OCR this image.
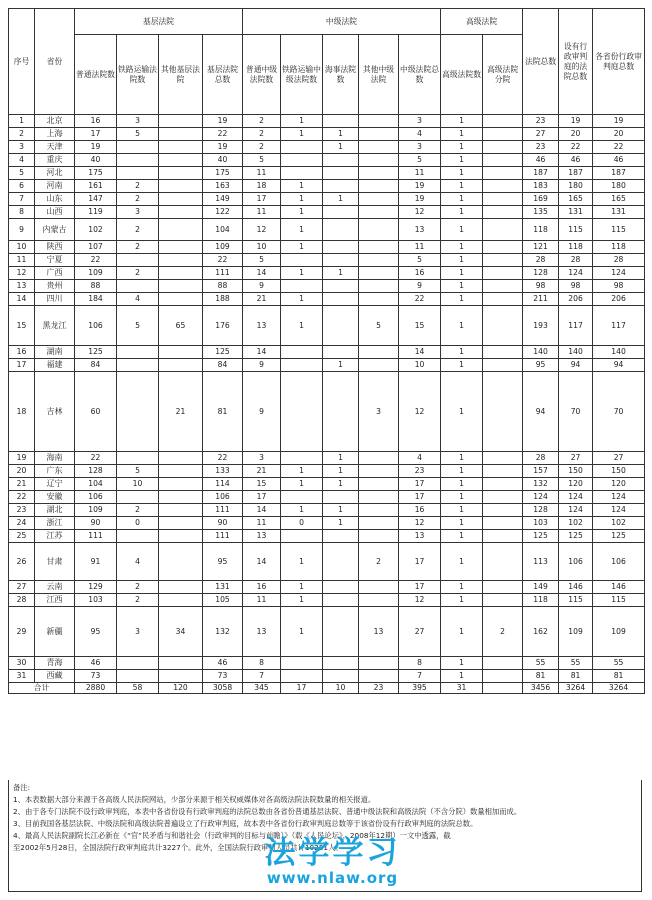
序号	省份	基层法院				中级法院					高级法院		法院总数	设有行政审判庭的法院总数	各省份行政审判庭总数
		普通法院数	铁路运输法院数	其他基层法院	基层法院总数	普通中级法院数	铁路运输中级法院数	海事法院数	其他中级法院	中级法院总数	高级法院数	高级法院分院			
1	北京	16	3		19	2	1			3	1		23	19	19
2	上海	17	5		22	2	1	1		4	1		27	20	20
3	天津	19			19	2		1		3	1		23	22	22
4	重庆	40			40	5				5	1		46	46	46
5	河北	175			175	11				11	1		187	187	187
6	河南	161	2		163	18	1			19	1		183	180	180
7	山东	147	2		149	17	1	1		19	1		169	165	165
8	山西	119	3		122	11	1			12	1		135	131	131
9	内蒙古	102	2		104	12	1			13	1		118	115	115
10	陕西	107	2		109	10	1			11	1		121	118	118
11	宁夏	22			22	5				5	1		28	28	28
12	广西	109	2		111	14	1	1		16	1		128	124	124
13	贵州	88			88	9				9	1		98	98	98
14	四川	184	4		188	21	1			22	1		211	206	206
15	黑龙江	106	5	65	176	13	1		5	15	1		193	117	117
16	湖南	125			125	14				14	1		140	140	140
17	福建	84			84	9		1		10	1		95	94	94
18	吉林	60		21	81	9			3	12	1		94	70	70
19	海南	22			22	3		1		4	1		28	27	27
20	广东	128	5		133	21	1	1		23	1		157	150	150
21	辽宁	104	10		114	15	1	1		17	1		132	120	120
22	安徽	106			106	17				17	1		124	124	124
23	湖北	109	2		111	14	1	1		16	1		128	124	124
24	浙江	90	0		90	11	0	1		12	1		103	102	102
25	江苏	111			111	13				13	1		125	125	125
26	甘肃	91	4		95	14	1		2	17	1		113	106	106
27	云南	129	2		131	16	1			17	1		149	146	146
28	江西	103	2		105	11	1			12	1		118	115	115
29	新疆	95	3	34	132	13	1		13	27	1	2	162	109	109
30	青海	46			46	8				8	1		55	55	55
31	西藏	73			73	7				7	1		81	81	81
合计		2880	58	120	3058	345	17	10	23	395	31		3456	3264	3264

备注:

1、本表数据大部分来源于各高级人民法院网站，少部分来源于相关权威媒体对各高级法院法院数量的相关报道。

2、由于各专门法院不设行政审判庭，本表中各省份设有行政审判庭的法院总数由各省份普通基层法院、普通中级法院和高级法院（不含分院）数量相加而成。

3、目前我国各基层法院、中级法院和高级法院普遍设立了行政审判庭，故本表中各省份行政审判庭总数等于该省份设有行政审判庭的法院总数。

4、最高人民法院副院长江必新在《“官”民矛盾与和谐社会（行政审判的目标与前瞻）》（载《人民论坛》，2008年12期）一文中透露，截

至2002年5月28日，全国法院行政审判庭共计3227个。此外，全国法院行政审判人员共计10231人。

法学学习
www.nlaw.org
